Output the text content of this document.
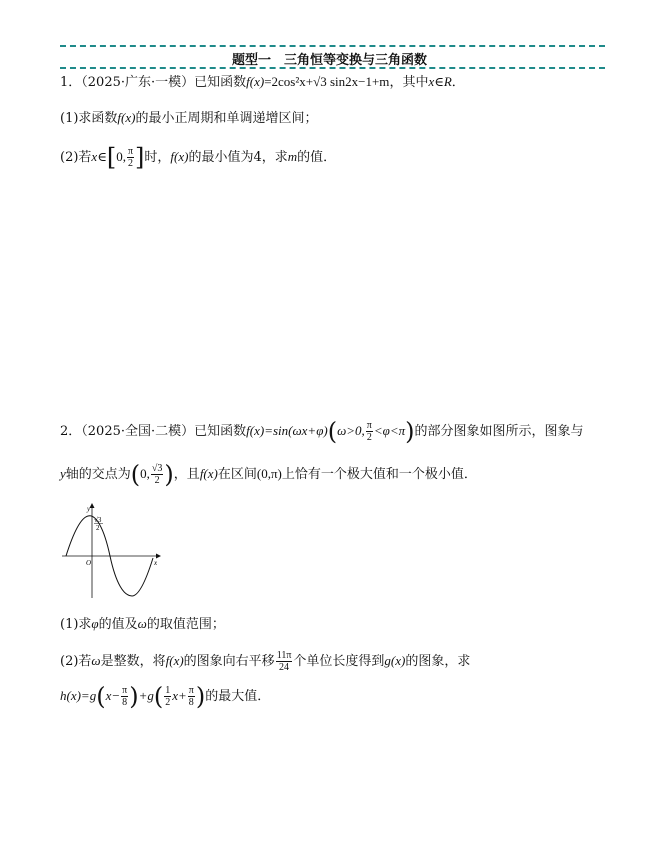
题型一　三角恒等变换与三角函数
1．（2025·广东·一模）已知函数f(x)=2cos²x+√3 sin2x−1+m，其中x∈R．
(1)求函数f(x)的最小正周期和单调递增区间；
(2)若x∈[0, $\frac{\pi}{2}$ ]时，f(x)的最小值为4，求m的值．
2．（2025·全国·二模）已知函数f(x)=sin(ωx+φ)(ω>0, $\frac{\pi}{2} <\varphi<\pi$)的部分图象如图所示，图象与
y轴的交点为(0, $\frac{√3}{2}$ )，且f(x)在区间(0,π)上恰有一个极大值和一个极小值．
y
√3
2
O	x
(1)求φ的值及ω的取值范围；
(2)若ω是整数，将f(x)的图象向右平移 $\frac{11\pi}{24}$ 个单位长度得到g(x)的图象，求
$h(x)=g(x- \frac{\pi}{8} )+g( \frac{1}{2} x+ \frac{\pi}{8}$ )的最大值．
